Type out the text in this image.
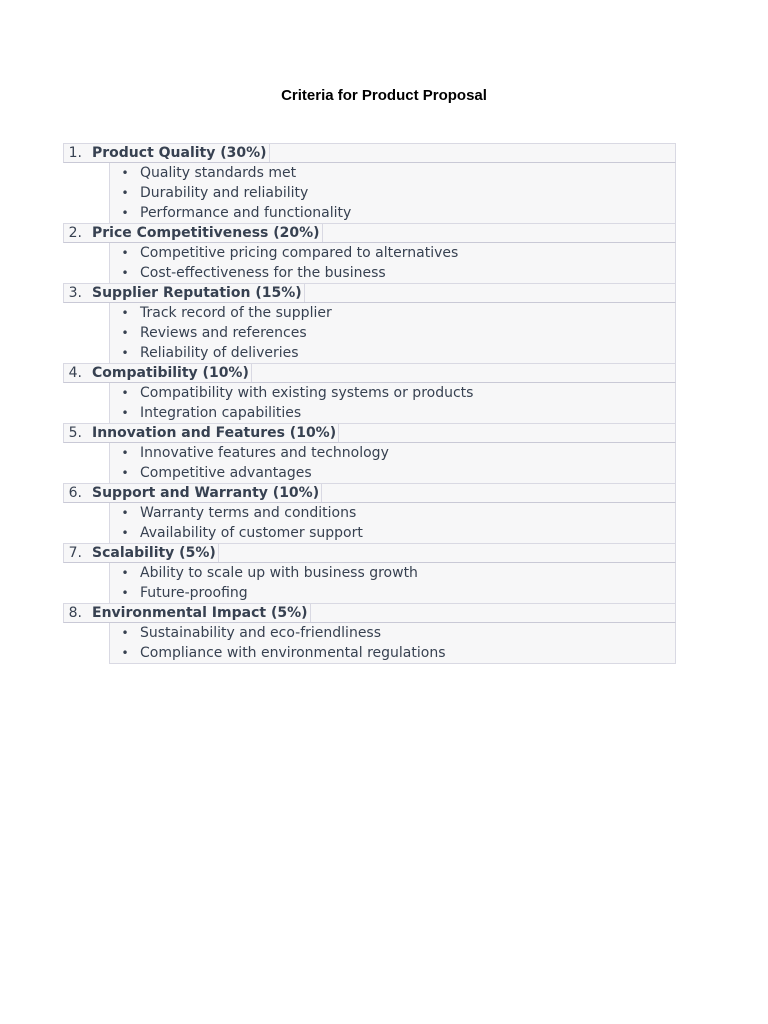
Criteria for Product Proposal
1. Product Quality (30%)
• Quality standards met
• Durability and reliability
• Performance and functionality
2. Price Competitiveness (20%)
• Competitive pricing compared to alternatives
• Cost-effectiveness for the business
3. Supplier Reputation (15%)
• Track record of the supplier
• Reviews and references
• Reliability of deliveries
4. Compatibility (10%)
• Compatibility with existing systems or products
• Integration capabilities
5. Innovation and Features (10%)
• Innovative features and technology
• Competitive advantages
6. Support and Warranty (10%)
• Warranty terms and conditions
• Availability of customer support
7. Scalability (5%)
• Ability to scale up with business growth
• Future-proofing
8. Environmental Impact (5%)
• Sustainability and eco-friendliness
• Compliance with environmental regulations
